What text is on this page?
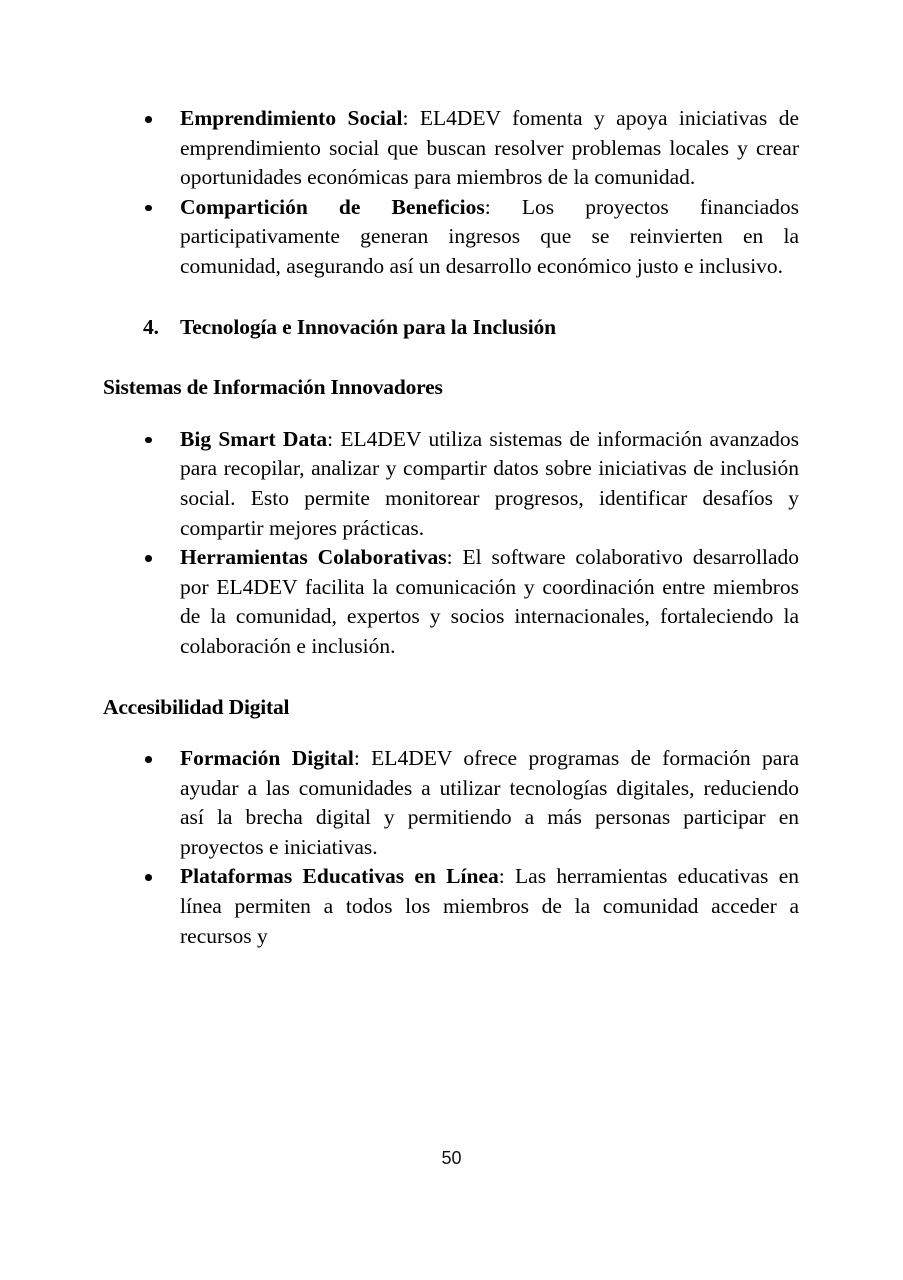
Emprendimiento Social: EL4DEV fomenta y apoya iniciativas de emprendimiento social que buscan resolver problemas locales y crear oportunidades económicas para miembros de la comunidad.
Compartición de Beneficios: Los proyectos financiados participativamente generan ingresos que se reinvierten en la comunidad, asegurando así un desarrollo económico justo e inclusivo.
4. Tecnología e Innovación para la Inclusión
Sistemas de Información Innovadores
Big Smart Data: EL4DEV utiliza sistemas de información avanzados para recopilar, analizar y compartir datos sobre iniciativas de inclusión social. Esto permite monitorear progresos, identificar desafíos y compartir mejores prácticas.
Herramientas Colaborativas: El software colaborativo desarrollado por EL4DEV facilita la comunicación y coordinación entre miembros de la comunidad, expertos y socios internacionales, fortaleciendo la colaboración e inclusión.
Accesibilidad Digital
Formación Digital: EL4DEV ofrece programas de formación para ayudar a las comunidades a utilizar tecnologías digitales, reduciendo así la brecha digital y permitiendo a más personas participar en proyectos e iniciativas.
Plataformas Educativas en Línea: Las herramientas educativas en línea permiten a todos los miembros de la comunidad acceder a recursos y
50
